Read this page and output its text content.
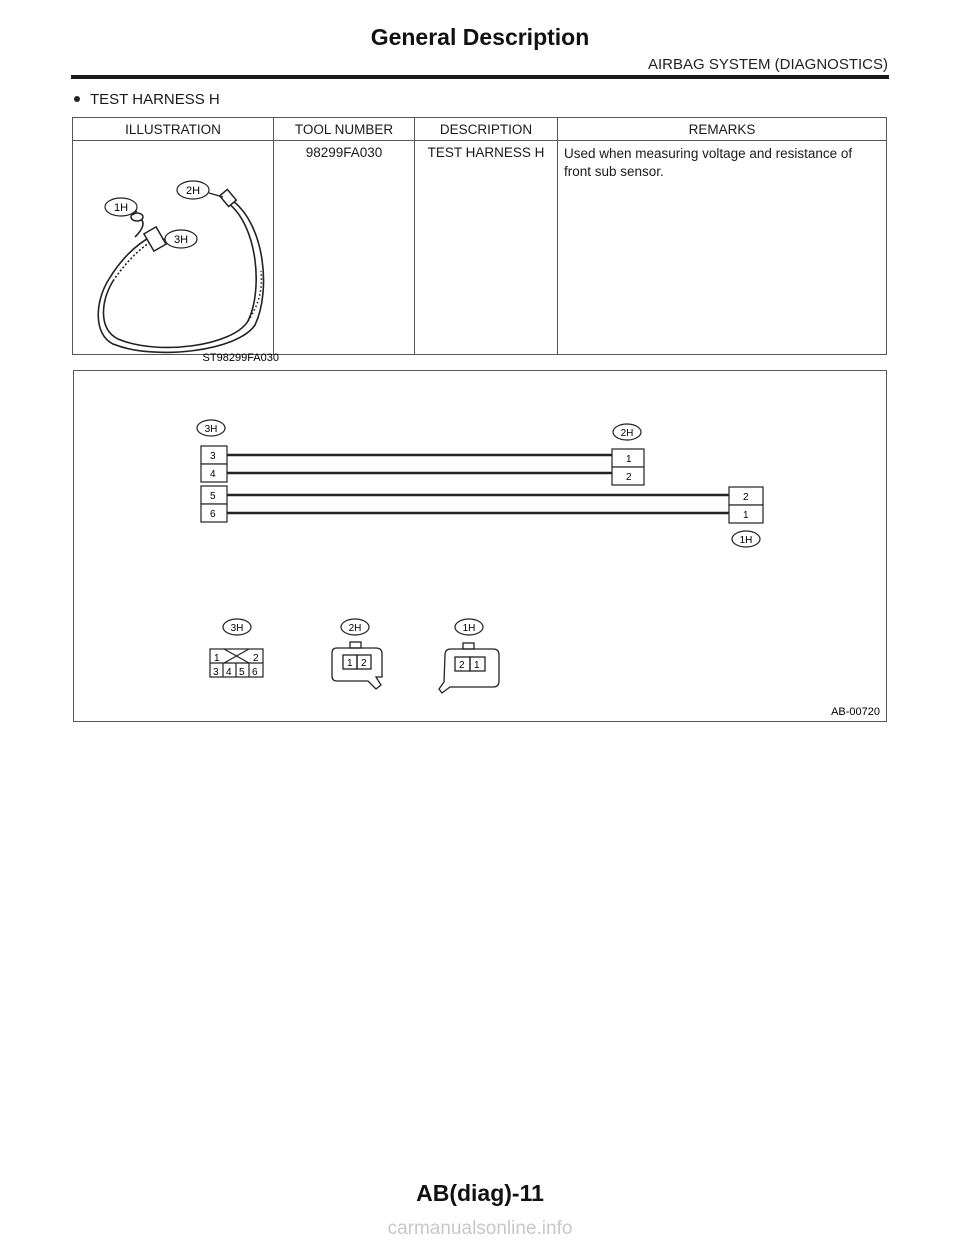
General Description
AIRBAG SYSTEM (DIAGNOSTICS)
TEST HARNESS H
ILLUSTRATION	TOOL NUMBER	DESCRIPTION	REMARKS

1H
2H
3H
ST98299FA030	98299FA030	TEST HARNESS H	Used when measuring voltage and resistance of front sub sensor.
3H	2H
1H
3
4
5
6
1
2
2
1
3H	2H	1H
1	2
3 4 5 6
1 2	2 1
AB-00720
AB(diag)-11
carmanualsonline.info
